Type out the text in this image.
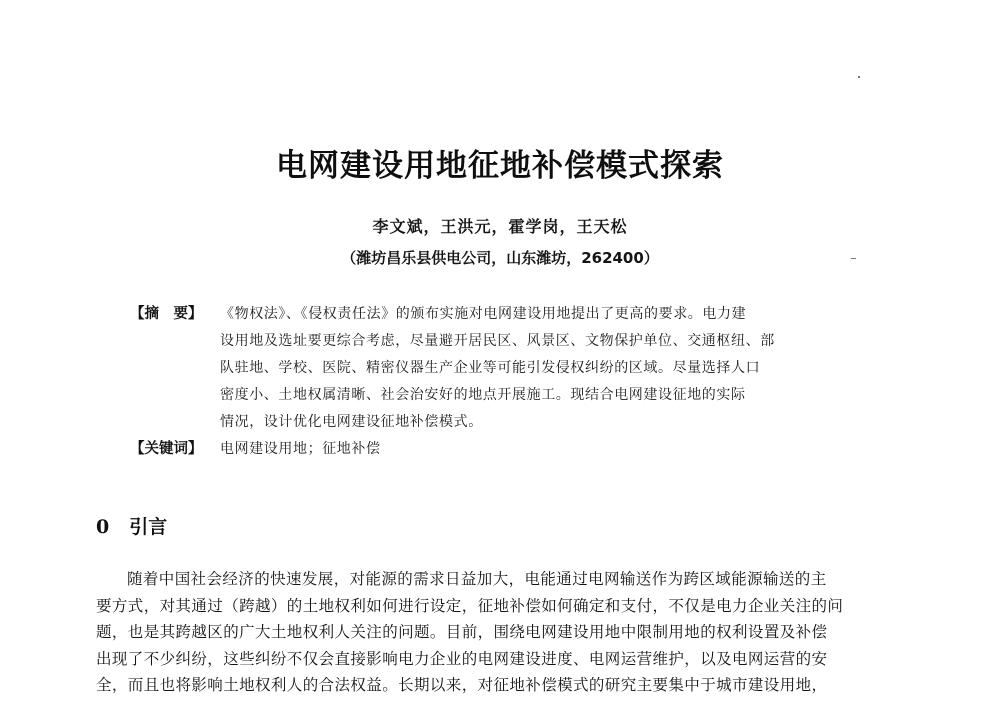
电网建设用地征地补偿模式探索
李文斌，王洪元，霍学岗，王天松
（潍坊昌乐县供电公司，山东潍坊，262400）
【摘　要】	《物权法》、《侵权责任法》的颁布实施对电网建设用地提出了更高的要求。电力建
设用地及选址要更综合考虑，尽量避开居民区、风景区、文物保护单位、交通枢纽、部
队驻地、学校、医院、精密仪器生产企业等可能引发侵权纠纷的区域。尽量选择人口
密度小、土地权属清晰、社会治安好的地点开展施工。现结合电网建设征地的实际
情况，设计优化电网建设征地补偿模式。
【关键词】	电网建设用地；征地补偿
0 引言
随着中国社会经济的快速发展，对能源的需求日益加大，电能通过电网输送作为跨区域能源输送的主
要方式，对其通过（跨越）的土地权利如何进行设定，征地补偿如何确定和支付，不仅是电力企业关注的问
题，也是其跨越区的广大土地权利人关注的问题。目前，围绕电网建设用地中限制用地的权利设置及补偿
出现了不少纠纷，这些纠纷不仅会直接影响电力企业的电网建设进度、电网运营维护，以及电网运营的安
全，而且也将影响土地权利人的合法权益。长期以来，对征地补偿模式的研究主要集中于城市建设用地，
